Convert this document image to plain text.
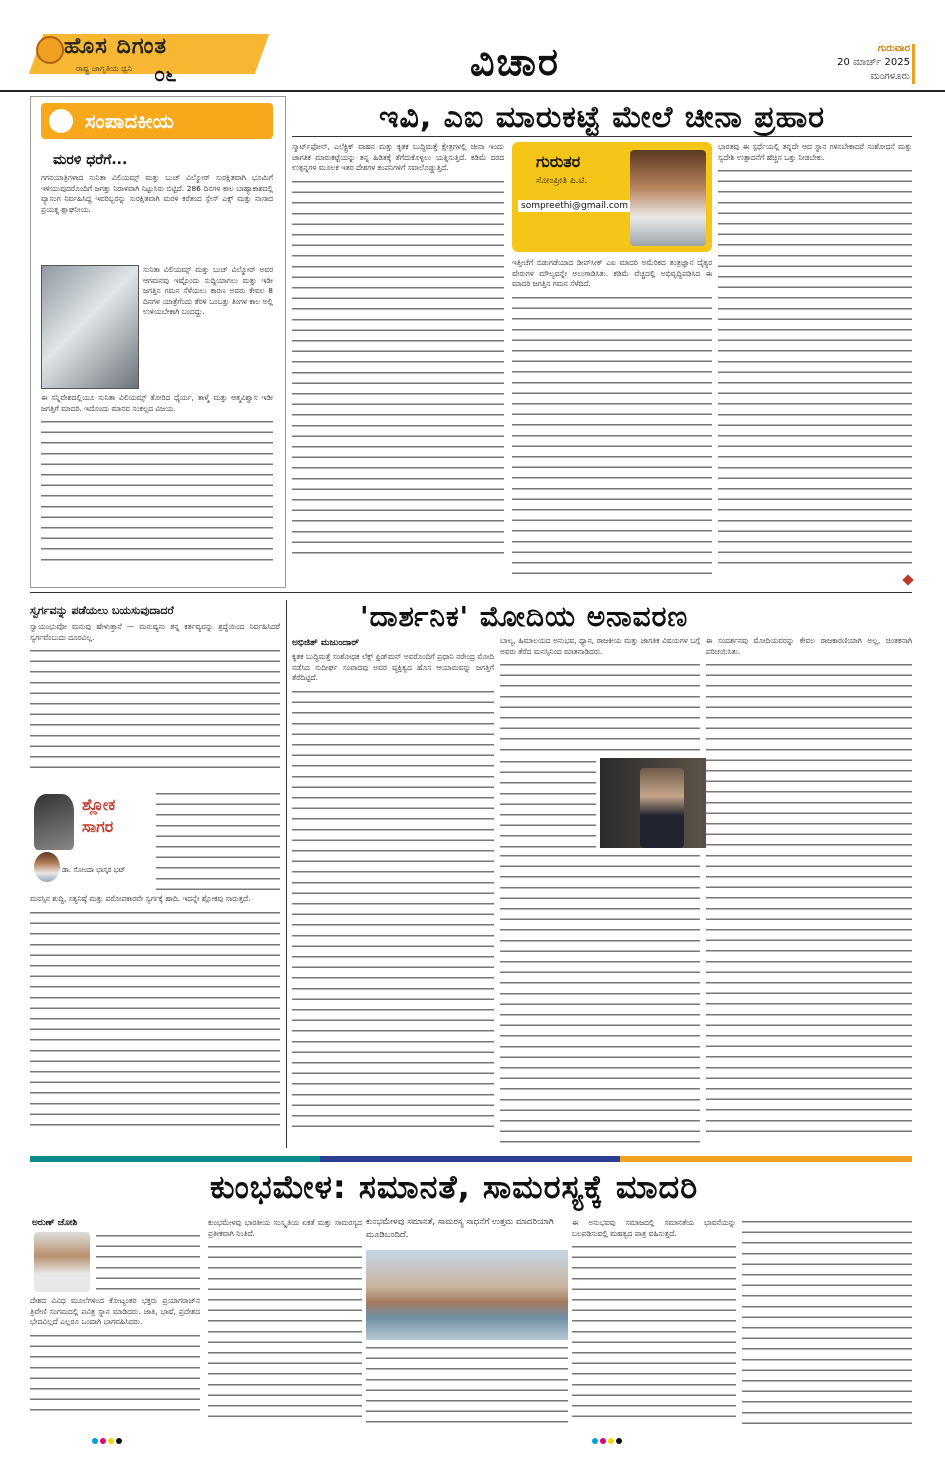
ಹೊಸ ದಿಗಂತ
ರಾಷ್ಟ್ರ ಜಾಗೃತಿಯ ಧ್ವನಿ ೦೬	ವಿಚಾರ	ಗುರುವಾರ
20 ಮಾರ್ಚ್ 2025
ಮಂಗಳೂರು
ಸಂಪಾದಕೀಯ
ಮರಳಿ ಧರೆಗೆ...

ಗಗನಯಾತ್ರಿಗಳಾದ ಸುನಿತಾ ವಿಲಿಯಮ್ಸ್ ಮತ್ತು ಬುಚ್ ವಿಲ್ಮೋರ್ ಸುರಕ್ಷಿತವಾಗಿ ಭೂಮಿಗೆ ಇಳಿಯುವುದರೊಂದಿಗೆ ಜಗತ್ತು ನಿರಾಳವಾಗಿ ನಿಟ್ಟುಸಿರು ಬಿಟ್ಟಿದೆ. 286 ದಿನಗಳ ಕಾಲ ಬಾಹ್ಯಾಕಾಶದಲ್ಲಿ ವ್ಯಾಸಂಗ ನಿರ್ವಹಿಸಿದ್ದ ಇವರಿಬ್ಬರನ್ನು ಸುರಕ್ಷಿತವಾಗಿ ಮರಳಿ ಕರೆತಂದ ಸ್ಪೇಸ್ ಎಕ್ಸ್ ಮತ್ತು ನಾಸಾದ ಪ್ರಯತ್ನ ಶ್ಲಾಘನೀಯ.

ಸುನಿತಾ ವಿಲಿಯಮ್ಸ್ ಮತ್ತು ಬುಚ್ ವಿಲ್ಮೋರ್ ಅವರ ಆಗಮನವು ಇಷ್ಟೊಂದು ಸುದ್ದಿಯಾಗಲು ಮತ್ತು ಇಡೀ ಜಗತ್ತಿನ ಗಮನ ಸೆಳೆಯಲು ಕಾರಣ ಅವರು ಕೇವಲ 8 ದಿನಗಳ ಯಾತ್ರೆಗೆಂದು ತೆರಳಿ ಒಂಬತ್ತು ತಿಂಗಳ ಕಾಲ ಅಲ್ಲಿ ಉಳಿಯಬೇಕಾಗಿ ಬಂದದ್ದು.

ಈ ಸನ್ನಿವೇಶದಲ್ಲಿಯೂ ಸುನಿತಾ ವಿಲಿಯಮ್ಸ್ ತೋರಿದ ಧೈರ್ಯ, ತಾಳ್ಮೆ ಮತ್ತು ಆತ್ಮವಿಶ್ವಾಸ ಇಡೀ ಜಗತ್ತಿಗೆ ಮಾದರಿ. ಇದೊಂದು ಮಾನವ ಸಂಕಲ್ಪದ ವಿಜಯ.

ಇವಿ, ಎಐ ಮಾರುಕಟ್ಟೆ ಮೇಲೆ ಚೀನಾ ಪ್ರಹಾರ

ಸ್ಮಾರ್ಟ್‌ಫೋನ್, ಎಲೆಕ್ಟ್ರಿಕ್ ವಾಹನ ಮತ್ತು ಕೃತಕ ಬುದ್ಧಿಮತ್ತೆ ಕ್ಷೇತ್ರಗಳಲ್ಲಿ ಚೀನಾ ಇಂದು ಜಾಗತಿಕ ಮಾರುಕಟ್ಟೆಯನ್ನು ತನ್ನ ಹಿಡಿತಕ್ಕೆ ತೆಗೆದುಕೊಳ್ಳಲು ಯತ್ನಿಸುತ್ತಿದೆ. ಕಡಿಮೆ ದರದ ಉತ್ಪನ್ನಗಳ ಮೂಲಕ ಇತರ ದೇಶಗಳ ಕಂಪನಿಗಳಿಗೆ ಸವಾಲೊಡ್ಡುತ್ತಿದೆ.	ಗುರುತರ
ಸೋಂಪ್ರೀತಿ ಪಿ.ಟಿ.
sompreethi@gmail.com

ಇತ್ತೀಚೆಗೆ ಬಿಡುಗಡೆಯಾದ ಡೀಪ್‌ಸೀಕ್ ಎಐ ಮಾದರಿ ಅಮೆರಿಕದ ತಂತ್ರಜ್ಞಾನ ದೈತ್ಯರ ಷೇರುಗಳ ಮೌಲ್ಯವನ್ನೇ ಅಲುಗಾಡಿಸಿತು. ಕಡಿಮೆ ವೆಚ್ಚದಲ್ಲಿ ಅಭಿವೃದ್ಧಿಪಡಿಸಿದ ಈ ಮಾದರಿ ಜಗತ್ತಿನ ಗಮನ ಸೆಳೆದಿದೆ.

ಭಾರತವು ಈ ಸ್ಪರ್ಧೆಯಲ್ಲಿ ತನ್ನದೇ ಆದ ಸ್ಥಾನ ಗಳಿಸಬೇಕಾದರೆ ಸಂಶೋಧನೆ ಮತ್ತು ಸ್ವದೇಶಿ ಉತ್ಪಾದನೆಗೆ ಹೆಚ್ಚಿನ ಒತ್ತು ನೀಡಬೇಕು.

ಸ್ವರ್ಗವನ್ನು ಪಡೆಯಲು ಬಯಸುವುದಾದರೆ

ಸ್ವಾಯಂಭುವೋ ಮನುವು ಹೇಳುತ್ತಾನೆ — ಮನುಷ್ಯನು ತನ್ನ ಕರ್ತವ್ಯವನ್ನು ಶ್ರದ್ಧೆಯಿಂದ ನಿರ್ವಹಿಸಿದರೆ ಸ್ವರ್ಗವೆಂಬುದು ದೂರವಿಲ್ಲ.

ಶ್ಲೋಕ ಸಾಗರ
ಡಾ. ಸೋಂದಾ ಭಾಸ್ಕರ ಭಟ್

ಮನಸ್ಸಿನ ಶುದ್ಧಿ, ಸತ್ಯನಿಷ್ಠೆ ಮತ್ತು ಪರೋಪಕಾರವೇ ಸ್ವರ್ಗಕ್ಕೆ ಹಾದಿ. ಇದನ್ನೇ ಶ್ಲೋಕವು ಸಾರುತ್ತದೆ.

'ದಾರ್ಶನಿಕ' ಮೋದಿಯ ಅನಾವರಣ
ಅಭಿಜಿತ್ ಮಜುಂದಾರ್

ಕೃತಕ ಬುದ್ಧಿಮತ್ತೆ ಸಂಶೋಧಕ ಲೆಕ್ಸ್ ಫ್ರಿಡ್‌ಮನ್ ಅವರೊಂದಿಗೆ ಪ್ರಧಾನಿ ನರೇಂದ್ರ ಮೋದಿ ನಡೆಸಿದ ಸುದೀರ್ಘ ಸಂವಾದವು ಅವರ ವ್ಯಕ್ತಿತ್ವದ ಹೊಸ ಆಯಾಮವನ್ನು ಜಗತ್ತಿಗೆ ತೆರೆದಿಟ್ಟಿದೆ.

ಬಾಲ್ಯ, ಹಿಮಾಲಯದ ಅನುಭವ, ಧ್ಯಾನ, ರಾಜಕೀಯ ಮತ್ತು ಜಾಗತಿಕ ವಿಷಯಗಳ ಬಗ್ಗೆ ಅವರು ತೆರೆದ ಮನಸ್ಸಿನಿಂದ ಮಾತನಾಡಿದರು.

ಈ ಸಂದರ್ಶನವು ಮೋದಿಯವರನ್ನು ಕೇವಲ ರಾಜಕಾರಣಿಯಾಗಿ ಅಲ್ಲ, ಚಿಂತಕನಾಗಿ ಪರಿಚಯಿಸಿತು.

ಕುಂಭಮೇಳ: ಸಮಾನತೆ, ಸಾಮರಸ್ಯಕ್ಕೆ ಮಾದರಿ
ಅರುಣ್ ಜೋಶಿ

ದೇಶದ ವಿವಿಧ ಮೂಲೆಗಳಿಂದ ಕೋಟ್ಯಂತರ ಭಕ್ತರು ಪ್ರಯಾಗರಾಜ್‌ನ ತ್ರಿವೇಣಿ ಸಂಗಮದಲ್ಲಿ ಪವಿತ್ರ ಸ್ನಾನ ಮಾಡಿದರು. ಜಾತಿ, ಭಾಷೆ, ಪ್ರದೇಶದ ಭೇದವಿಲ್ಲದೆ ಎಲ್ಲರೂ ಒಂದಾಗಿ ಭಾಗವಹಿಸಿದರು.

ಕುಂಭಮೇಳವು ಭಾರತೀಯ ಸಂಸ್ಕೃತಿಯ ಏಕತೆ ಮತ್ತು ಸಾಮರಸ್ಯದ ಪ್ರತೀಕವಾಗಿ ನಿಂತಿದೆ.

ಕುಂಭಮೇಳವು ಸಮಾನತೆ, ಸಾಮರಸ್ಯ ಸಾಧನೆಗೆ ಉತ್ತಮ ಮಾದರಿಯಾಗಿ ಮೂಡಿಬಂದಿದೆ.

ಈ ಅನುಭವವು ಸಮಾಜದಲ್ಲಿ ಸಮಾನತೆಯ ಭಾವನೆಯನ್ನು ಬಲಪಡಿಸುವಲ್ಲಿ ಮಹತ್ವದ ಪಾತ್ರ ವಹಿಸುತ್ತದೆ.
